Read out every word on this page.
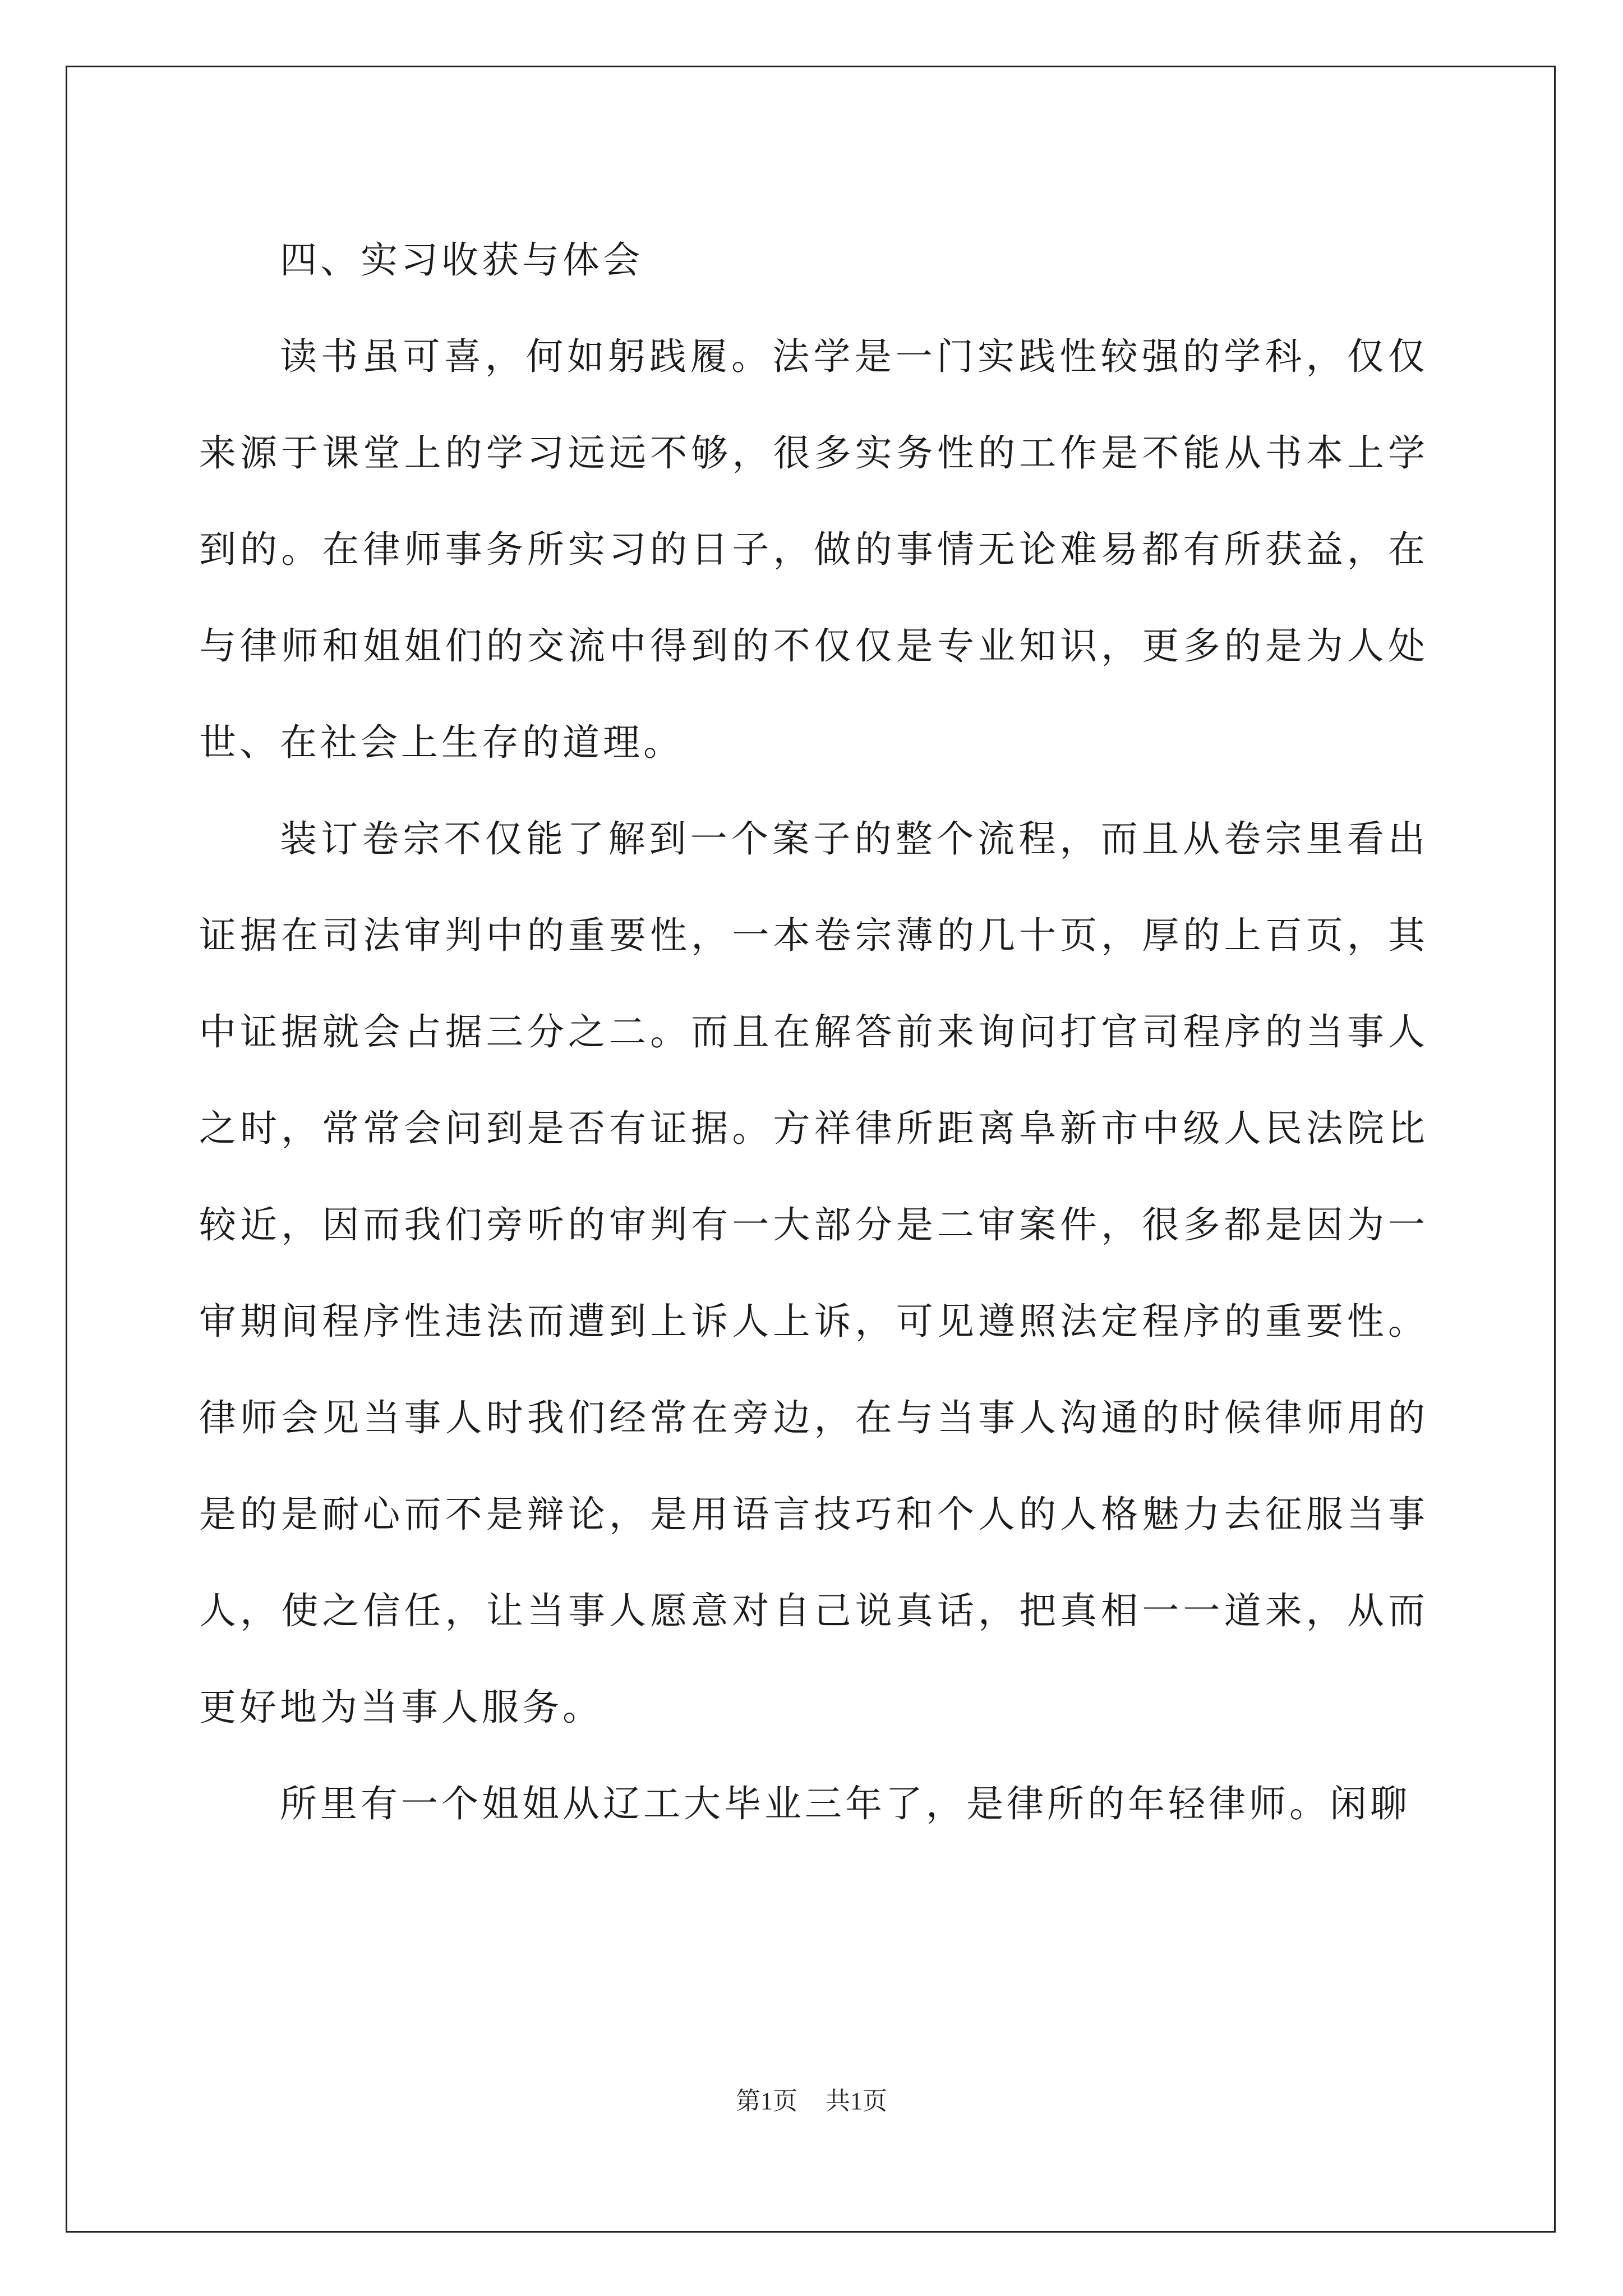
四、实习收获与体会

读书虽可喜，何如躬践履。法学是一门实践性较强的学科，仅仅来源于课堂上的学习远远不够，很多实务性的工作是不能从书本上学到的。在律师事务所实习的日子，做的事情无论难易都有所获益，在与律师和姐姐们的交流中得到的不仅仅是专业知识，更多的是为人处世、在社会上生存的道理。

装订卷宗不仅能了解到一个案子的整个流程，而且从卷宗里看出证据在司法审判中的重要性，一本卷宗薄的几十页，厚的上百页，其中证据就会占据三分之二。而且在解答前来询问打官司程序的当事人之时，常常会问到是否有证据。方祥律所距离阜新市中级人民法院比较近，因而我们旁听的审判有一大部分是二审案件，很多都是因为一审期间程序性违法而遭到上诉人上诉，可见遵照法定程序的重要性。律师会见当事人时我们经常在旁边，在与当事人沟通的时候律师用的是的是耐心而不是辩论，是用语言技巧和个人的人格魅力去征服当事人，使之信任，让当事人愿意对自己说真话，把真相一一道来，从而更好地为当事人服务。

所里有一个姐姐从辽工大毕业三年了，是律所的年轻律师。闲聊

第1页 共1页
